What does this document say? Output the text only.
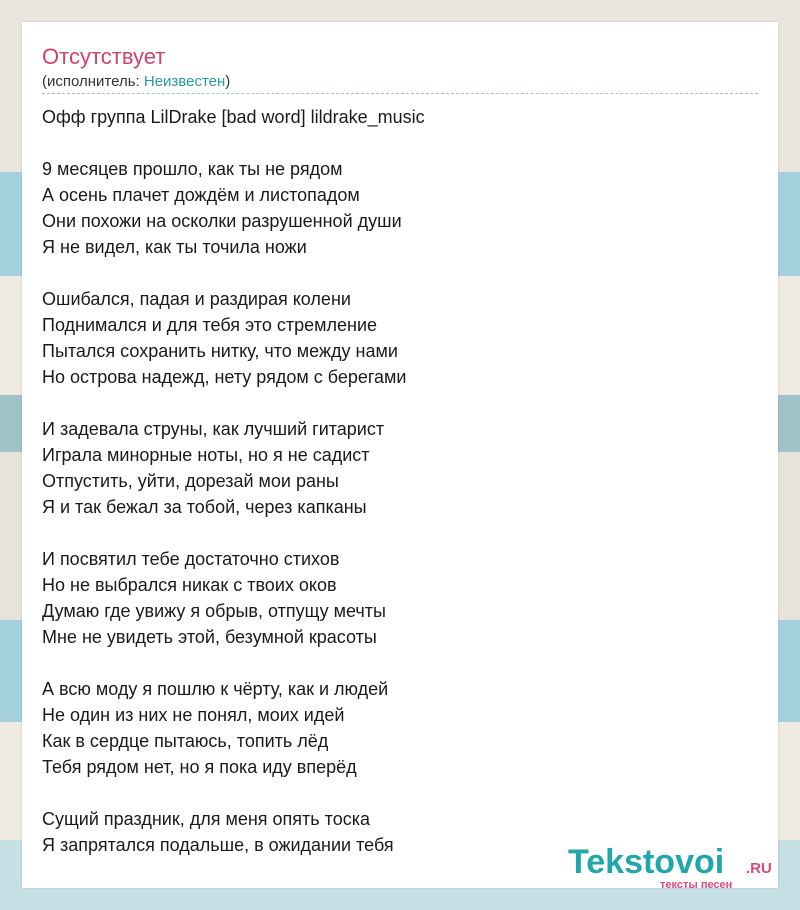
Отсутствует
(исполнитель: Неизвестен)
Офф группа LilDrake [bad word] lildrake_music
9 месяцев прошло, как ты не рядом
А осень плачет дождём и листопадом
Они похожи на осколки разрушенной души
Я не видел, как ты точила ножи
Ошибался, падая и раздирая колени
Поднимался и для тебя это стремление
Пытался сохранить нитку, что между нами
Но острова надежд, нету рядом с берегами
И задевала струны, как лучший гитарист
Играла минорные ноты, но я не садист
Отпустить, уйти, дорезай мои раны
Я и так бежал за тобой, через капканы
И посвятил тебе достаточно стихов
Но не выбрался никак с твоих оков
Думаю где увижу я обрыв, отпущу мечты
Мне не увидеть этой, безумной красоты
А всю моду я пошлю к чёрту, как и людей
Не один из них не понял, моих идей
Как в сердце пытаюсь, топить лёд
Тебя рядом нет, но я пока иду вперёд
Сущий праздник, для меня опять тоска
Я запрятался подальше, в ожидании тебя	Tekstovoi .RU
тексты песен
